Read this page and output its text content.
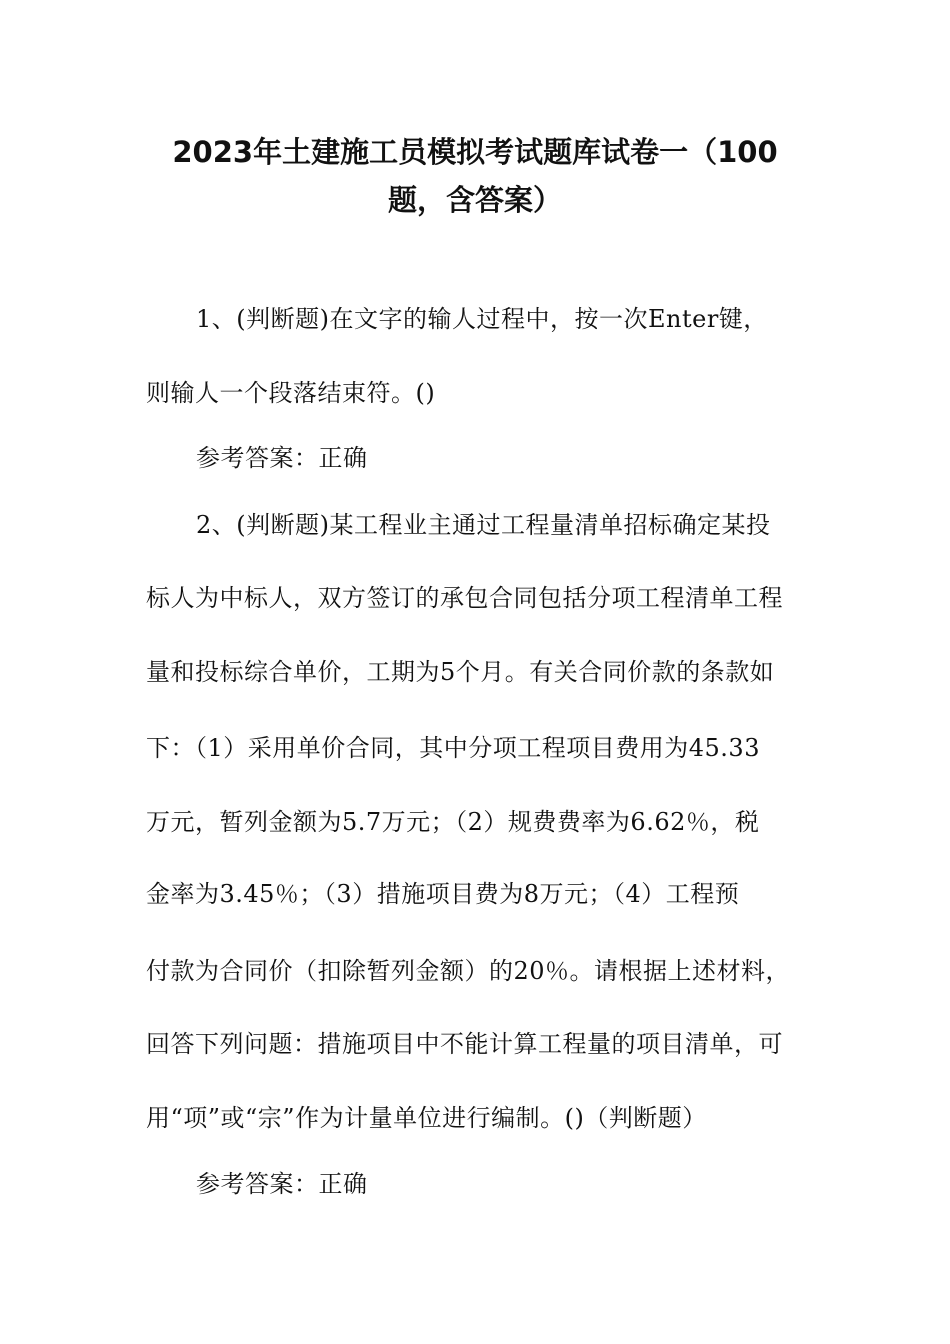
2023年土建施工员模拟考试题库试卷一（100
题，含答案）
1、(判断题)在文字的输人过程中，按一次Enter键，
则输人一个段落结束符。()
参考答案：正确
2、(判断题)某工程业主通过工程量清单招标确定某投
标人为中标人，双方签订的承包合同包括分项工程清单工程
量和投标综合单价，工期为5个月。有关合同价款的条款如
下：（1）采用单价合同，其中分项工程项目费用为45.33
万元，暂列金额为5.7万元；（2）规费费率为6.62％，税
金率为3.45％；（3）措施项目费为8万元；（4）工程预
付款为合同价（扣除暂列金额）的20％。请根据上述材料，
回答下列问题：措施项目中不能计算工程量的项目清单，可
用“项”或“宗”作为计量单位进行编制。()（判断题）
参考答案：正确
